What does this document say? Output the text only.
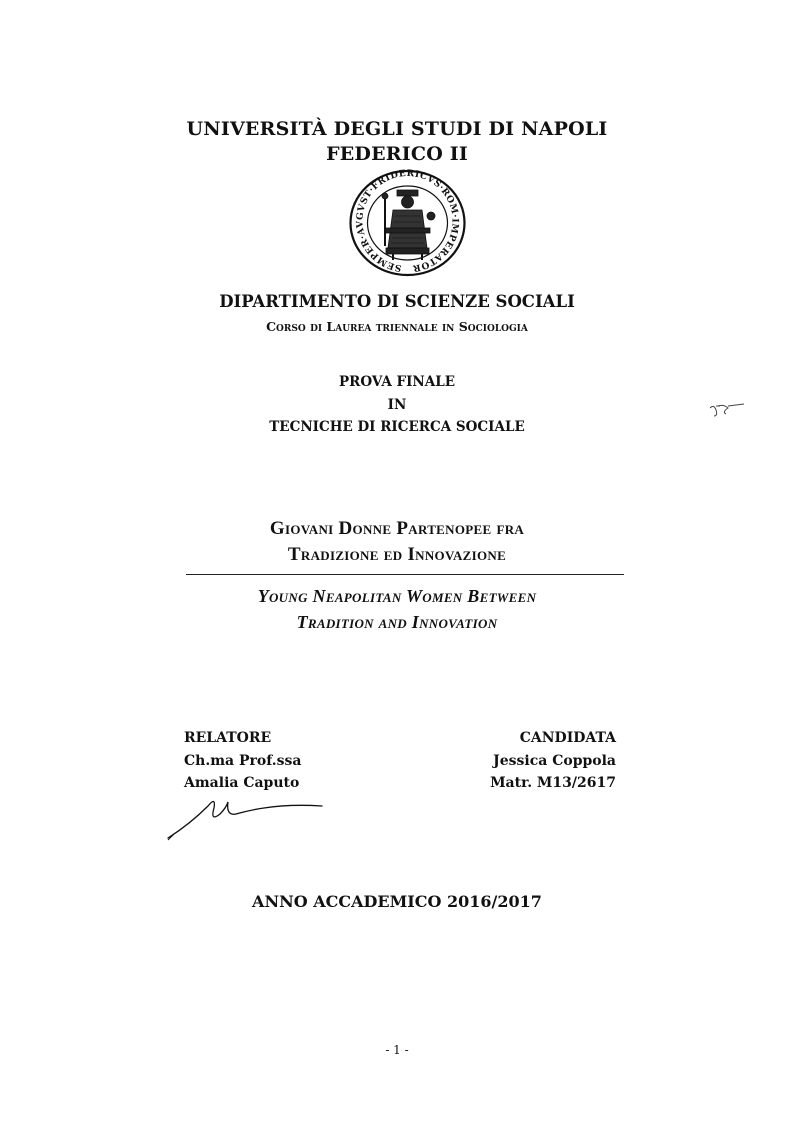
UNIVERSITÀ DEGLI STUDI DI NAPOLI
FEDERICO II
SEMPER·AVGVST·FRIDERICVS·ROM·IMPERATOR
DIPARTIMENTO DI SCIENZE SOCIALI
Corso di Laurea triennale in Sociologia
PROVA FINALE
IN
TECNICHE DI RICERCA SOCIALE
Giovani Donne Partenopee fra
Tradizione ed Innovazione
Young Neapolitan Women Between
Tradition and Innovation
RELATORE
Ch.ma Prof.ssa
Amalia Caputo
CANDIDATA
Jessica Coppola
Matr. M13/2617
ANNO ACCADEMICO 2016/2017
- 1 -
